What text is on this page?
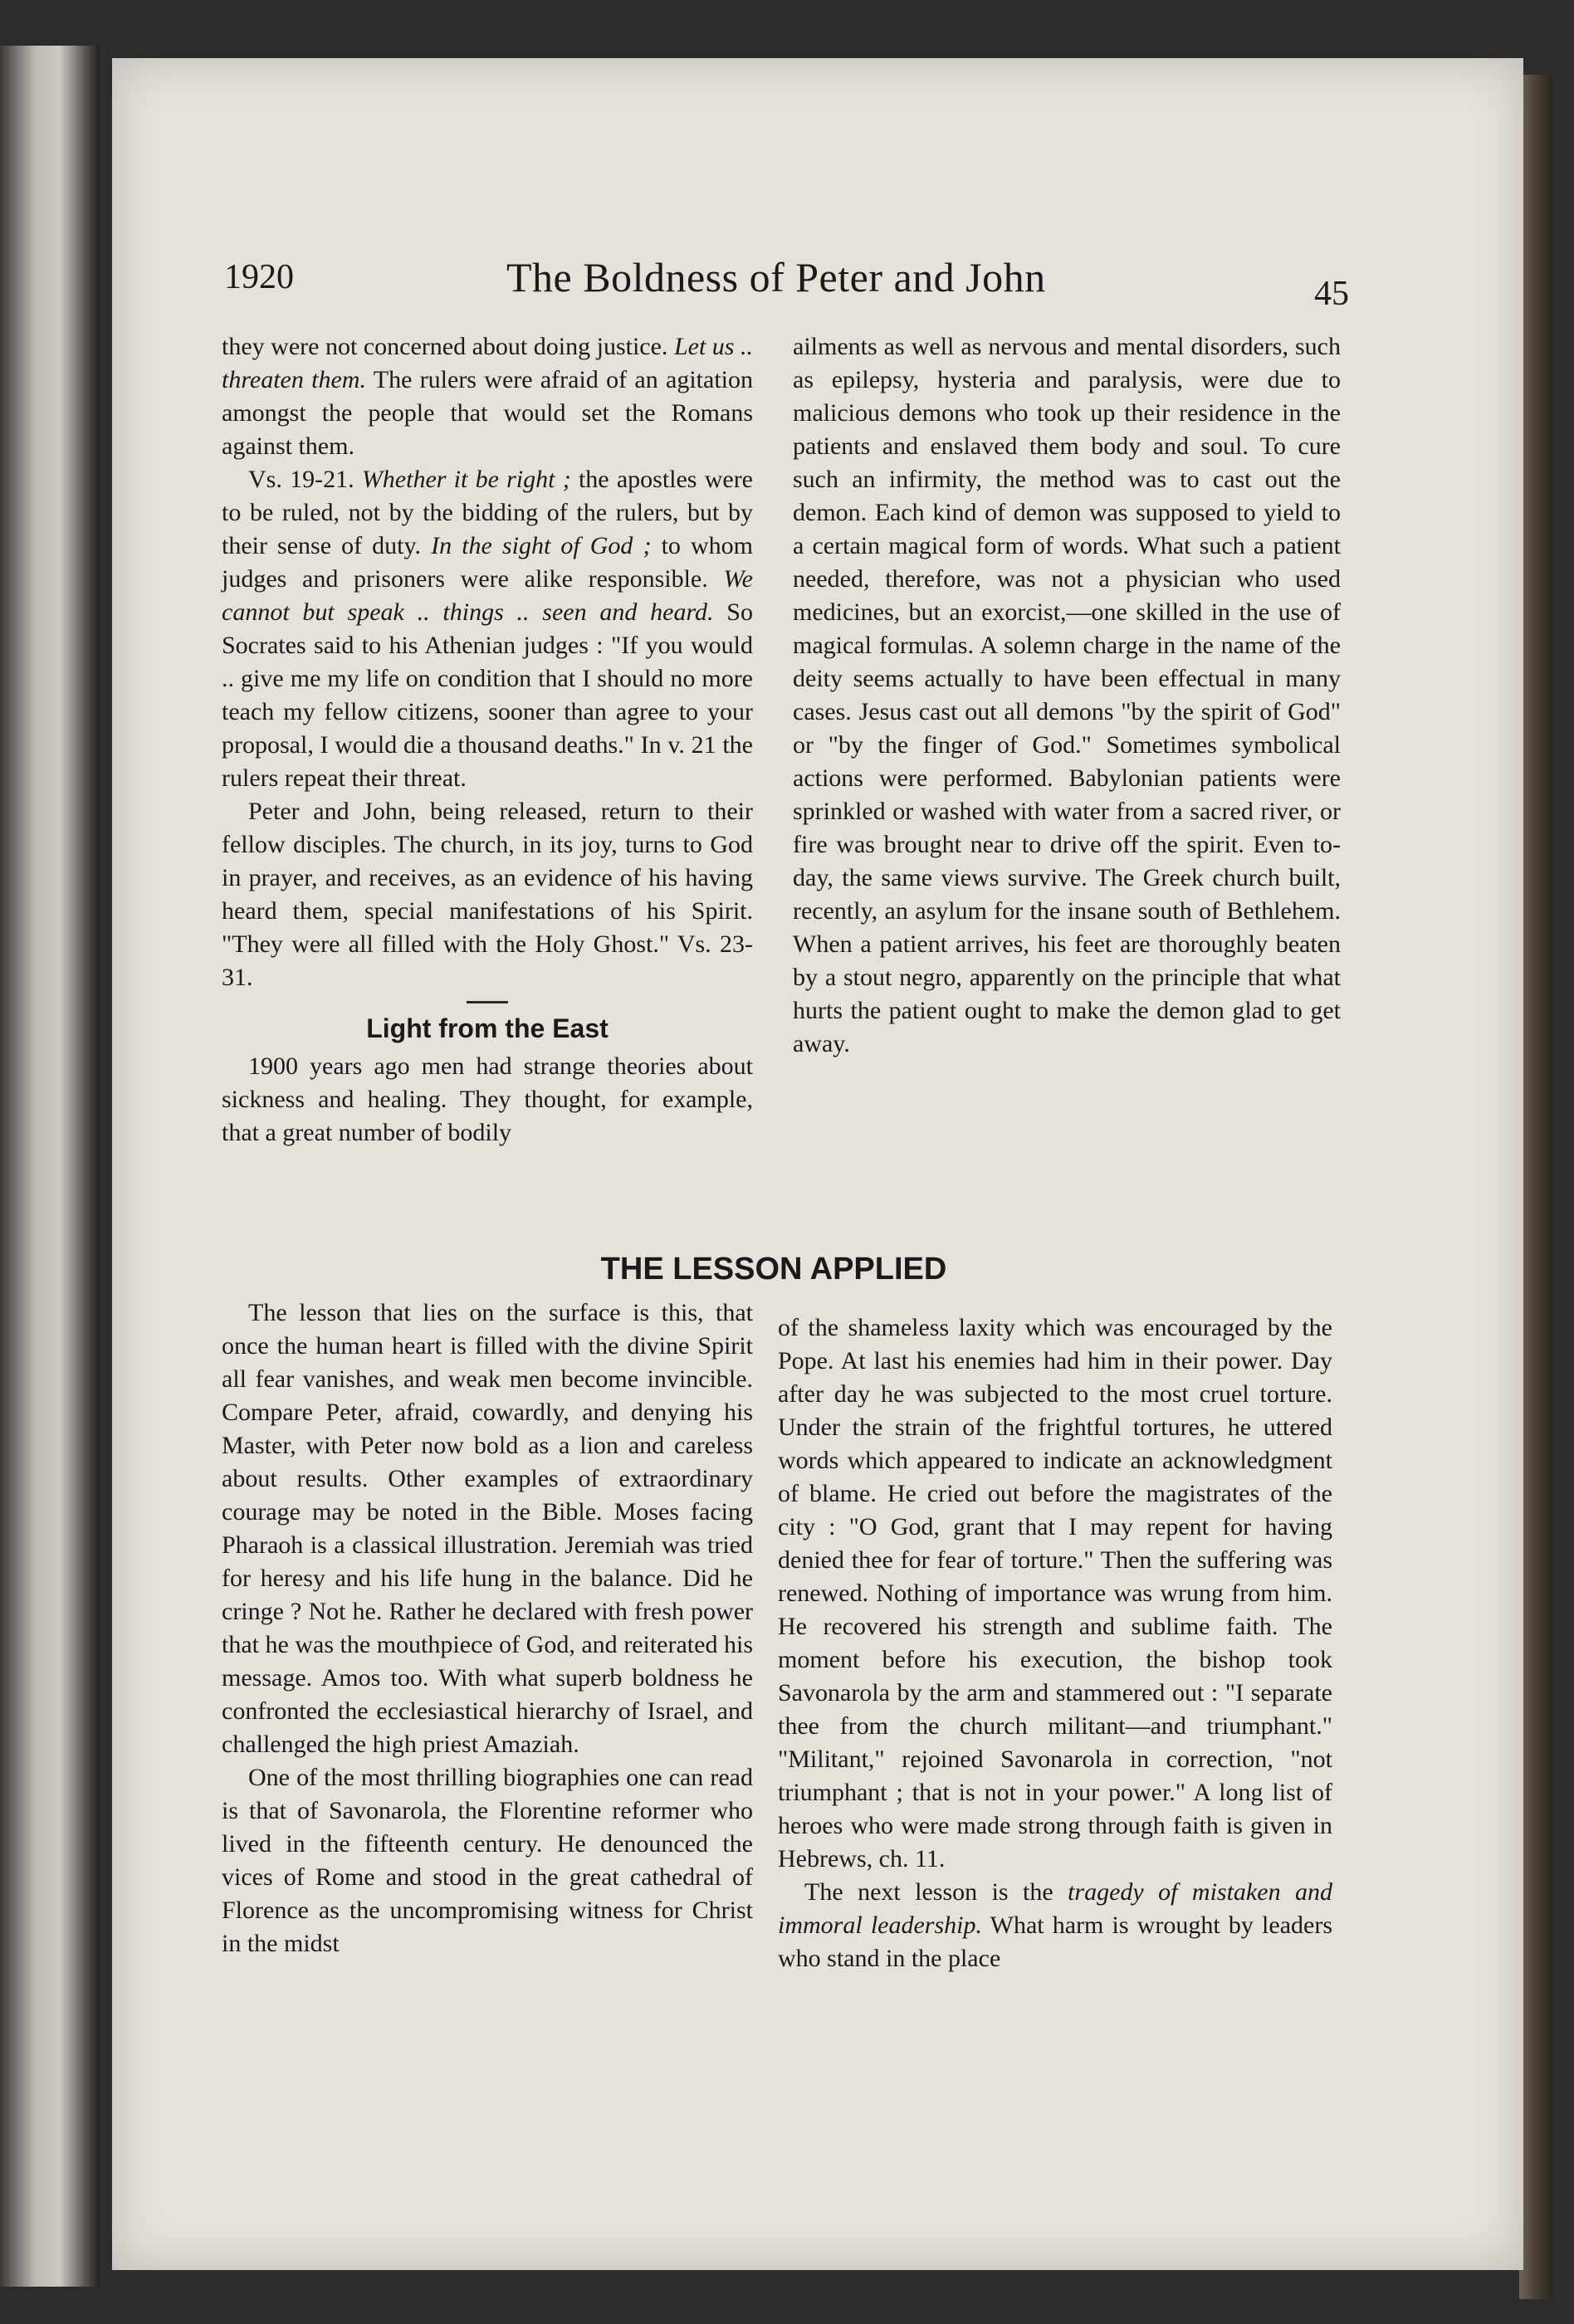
1920	The Boldness of Peter and John	45

they were not concerned about doing justice. Let us .. threaten them. The rulers were afraid of an agitation amongst the people that would set the Romans against them.

Vs. 19-21. Whether it be right ; the apostles were to be ruled, not by the bidding of the rulers, but by their sense of duty. In the sight of God ; to whom judges and prisoners were alike responsible. We cannot but speak .. things .. seen and heard. So Socrates said to his Athenian judges : "If you would .. give me my life on condition that I should no more teach my fellow citizens, sooner than agree to your proposal, I would die a thousand deaths." In v. 21 the rulers repeat their threat.

Peter and John, being released, return to their fellow disciples. The church, in its joy, turns to God in prayer, and receives, as an evidence of his having heard them, special manifestations of his Spirit. "They were all filled with the Holy Ghost." Vs. 23-31.

Light from the East

1900 years ago men had strange theories about sickness and healing. They thought, for example, that a great number of bodily

ailments as well as nervous and mental disorders, such as epilepsy, hysteria and paralysis, were due to malicious demons who took up their residence in the patients and enslaved them body and soul. To cure such an infirmity, the method was to cast out the demon. Each kind of demon was supposed to yield to a certain magical form of words. What such a patient needed, therefore, was not a physician who used medicines, but an exorcist,—one skilled in the use of magical formulas. A solemn charge in the name of the deity seems actually to have been effectual in many cases. Jesus cast out all demons "by the spirit of God" or "by the finger of God." Sometimes symbolical actions were performed. Babylonian patients were sprinkled or washed with water from a sacred river, or fire was brought near to drive off the spirit. Even to-day, the same views survive. The Greek church built, recently, an asylum for the insane south of Bethlehem. When a patient arrives, his feet are thoroughly beaten by a stout negro, apparently on the principle that what hurts the patient ought to make the demon glad to get away.

THE LESSON APPLIED

The lesson that lies on the surface is this, that once the human heart is filled with the divine Spirit all fear vanishes, and weak men become invincible. Compare Peter, afraid, cowardly, and denying his Master, with Peter now bold as a lion and careless about results. Other examples of extraordinary courage may be noted in the Bible. Moses facing Pharaoh is a classical illustration. Jeremiah was tried for heresy and his life hung in the balance. Did he cringe ? Not he. Rather he declared with fresh power that he was the mouthpiece of God, and reiterated his message. Amos too. With what superb boldness he confronted the ecclesiastical hierarchy of Israel, and challenged the high priest Amaziah.

One of the most thrilling biographies one can read is that of Savonarola, the Florentine reformer who lived in the fifteenth century. He denounced the vices of Rome and stood in the great cathedral of Florence as the uncompromising witness for Christ in the midst

of the shameless laxity which was encouraged by the Pope. At last his enemies had him in their power. Day after day he was subjected to the most cruel torture. Under the strain of the frightful tortures, he uttered words which appeared to indicate an acknowledgment of blame. He cried out before the magistrates of the city : "O God, grant that I may repent for having denied thee for fear of torture." Then the suffering was renewed. Nothing of importance was wrung from him. He recovered his strength and sublime faith. The moment before his execution, the bishop took Savonarola by the arm and stammered out : "I separate thee from the church militant—and triumphant." "Militant," rejoined Savonarola in correction, "not triumphant ; that is not in your power." A long list of heroes who were made strong through faith is given in Hebrews, ch. 11.

The next lesson is the tragedy of mistaken and immoral leadership. What harm is wrought by leaders who stand in the place
